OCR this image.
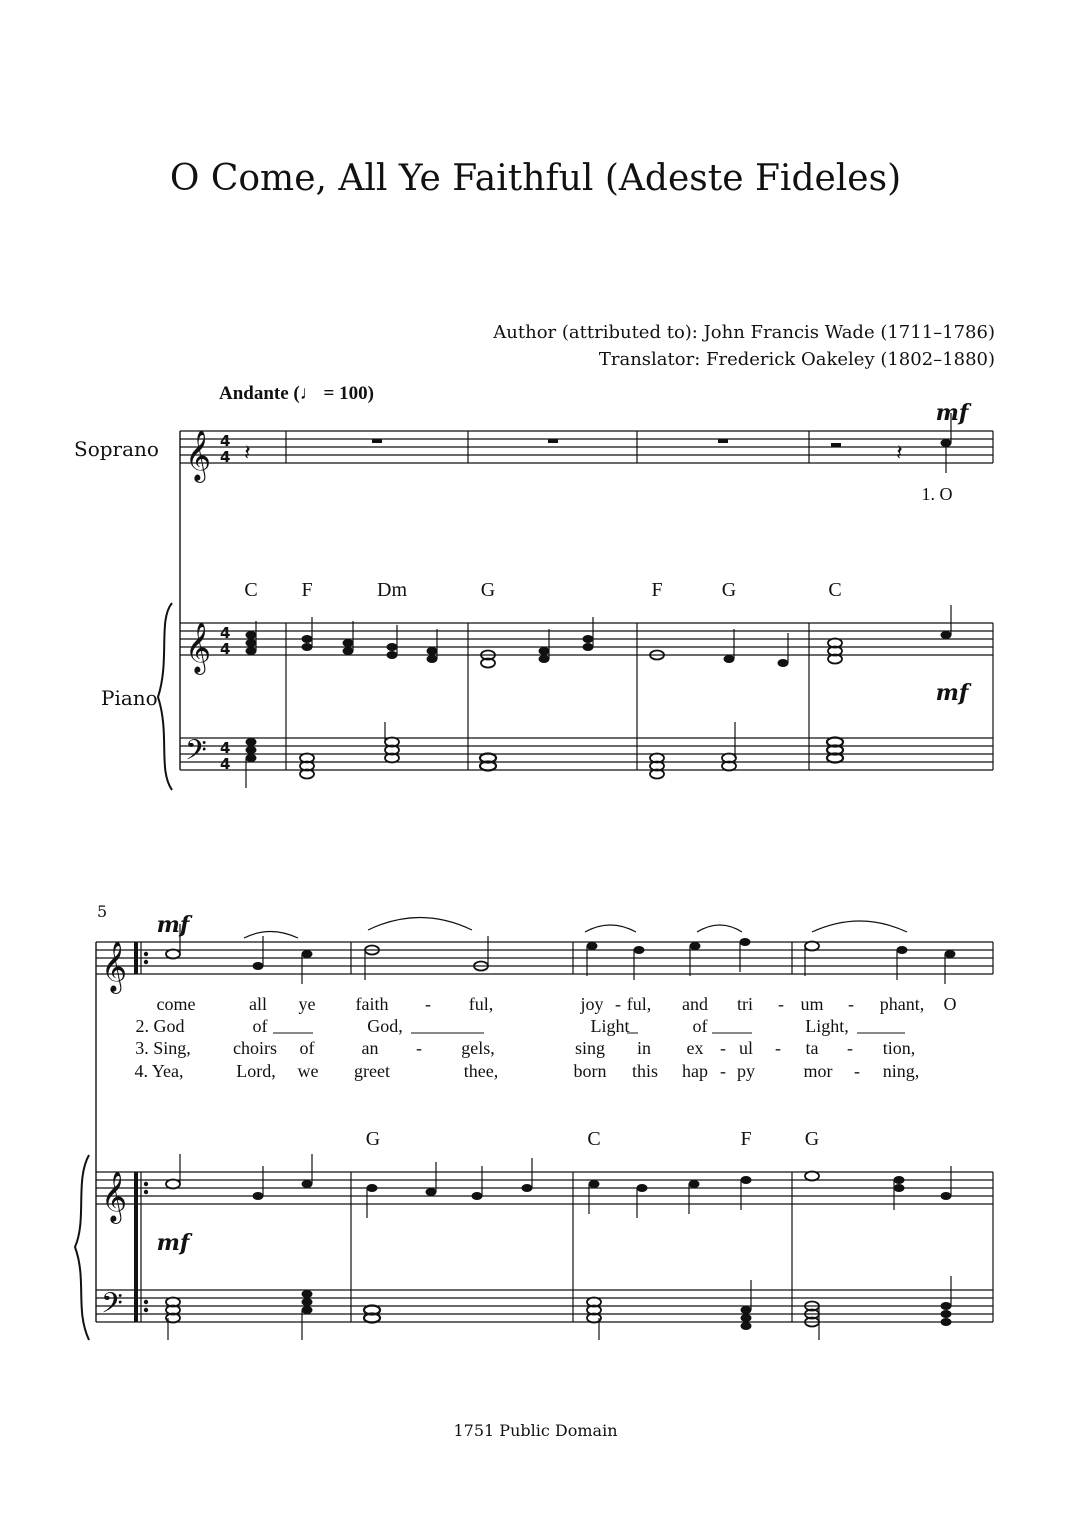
O Come, All Ye Faithful (Adeste Fideles)
Author (attributed to): John Francis Wade (1711–1786)
Translator: Frederick Oakeley (1802–1880)
Andante (♩ = 100)
Soprano
Piano
5
C F	Dm	G	F	G	C
G	C	F	G
mf
mf
mf
mf
1. O
come	all ye faith - ful,	joy - ful, and tri - um - phant, O
2. God	of	God,	Light	of	Light,
3. Sing, choirs of	an - gels,	sing in ex - ul - ta - tion,
4. Yea,	Lord, we greet	thee,	born this hap - py	mor - ning,
1751 Public Domain
𝄞
𝄞
𝄢
𝄞
𝄞
𝄢
4
4
4
4
4
4
𝄽	𝄽
